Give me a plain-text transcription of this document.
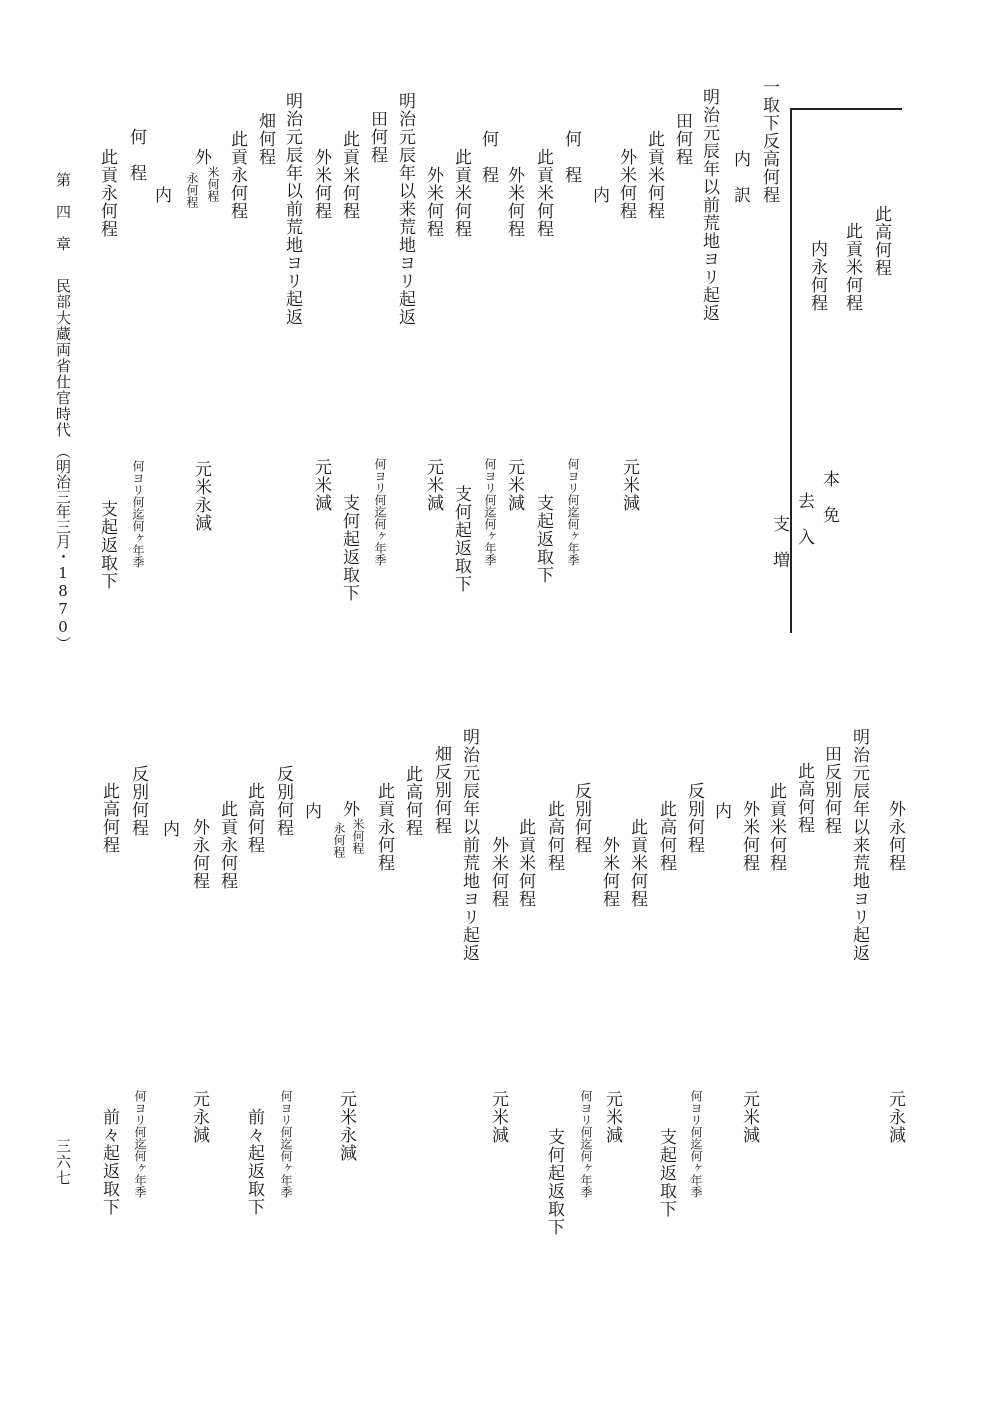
此高何程
此貢米何程
内永何程
本　免
去　入
支　増
一取下反高何程
内　訳
明治元辰年以前荒地ヨリ起返
田何程
此貢米何程
外米何程
内
此貢米何程
外米何程
何　程
何　程
此貢米何程
外米何程
明治元辰年以来荒地ヨリ起返
田何程
此貢米何程
外米何程
明治元辰年以前荒地ヨリ起返
畑何程
此貢永何程
外
米何程
永何程
内
何　程
此貢永何程
元米減
何ヨリ何迄何ヶ年季
支起返取下
元米減
何ヨリ何迄何ヶ年季
支何起返取下
元米減
何ヨリ何迄何ヶ年季
支何起返取下
元米減
元米永減
何ヨリ何迄何ヶ年季
支起返取下
外永何程
明治元辰年以来荒地ヨリ起返
田反別何程
此高何程
此貢米何程
外米何程
内
反別何程
此高何程
此貢米何程
外米何程
反別何程
此高何程
此貢米何程
外米何程
明治元辰年以前荒地ヨリ起返
畑反別何程
此高何程
此貢永何程
外
米何程
永何程
内
反別何程
此高何程
此貢永何程
外永何程
内
反別何程
此高何程
元永減
元米減
何ヨリ何迄何ヶ年季
支起返取下
元米減
何ヨリ何迄何ヶ年季
支何起返取下
元米減
元米永減
何ヨリ何迄何ヶ年季
前々起返取下
元永減
何ヨリ何迄何ヶ年季
前々起返取下
第　四　章
民部大蔵両省仕官時代
（明治三年三月・1870）
三六七
